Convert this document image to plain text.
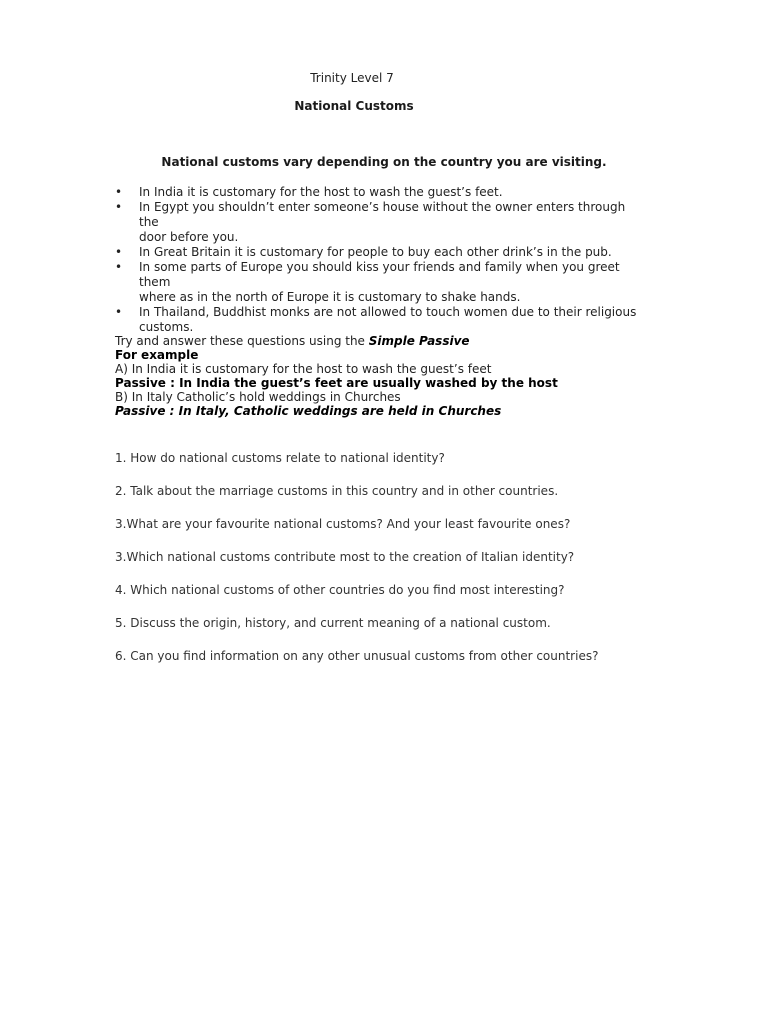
Trinity Level 7
National Customs
National customs vary depending on the country you are visiting.
• In India it is customary for the host to wash the guest’s feet.
• In Egypt you shouldn’t enter someone’s house without the owner enters through the
door before you.
• In Great Britain it is customary for people to buy each other drink’s in the pub.
• In some parts of Europe you should kiss your friends and family when you greet them
where as in the north of Europe it is customary to shake hands.
• In Thailand, Buddhist monks are not allowed to touch women due to their religious
customs.
Try and answer these questions using the Simple Passive
For example
A) In India it is customary for the host to wash the guest’s feet
Passive : In India the guest’s feet are usually washed by the host
B) In Italy Catholic’s hold weddings in Churches
Passive : In Italy, Catholic weddings are held in Churches
1. How do national customs relate to national identity?
2. Talk about the marriage customs in this country and in other countries.
3.What are your favourite national customs? And your least favourite ones?
3.Which national customs contribute most to the creation of Italian identity?
4. Which national customs of other countries do you find most interesting?
5. Discuss the origin, history, and current meaning of a national custom.
6. Can you find information on any other unusual customs from other countries?
